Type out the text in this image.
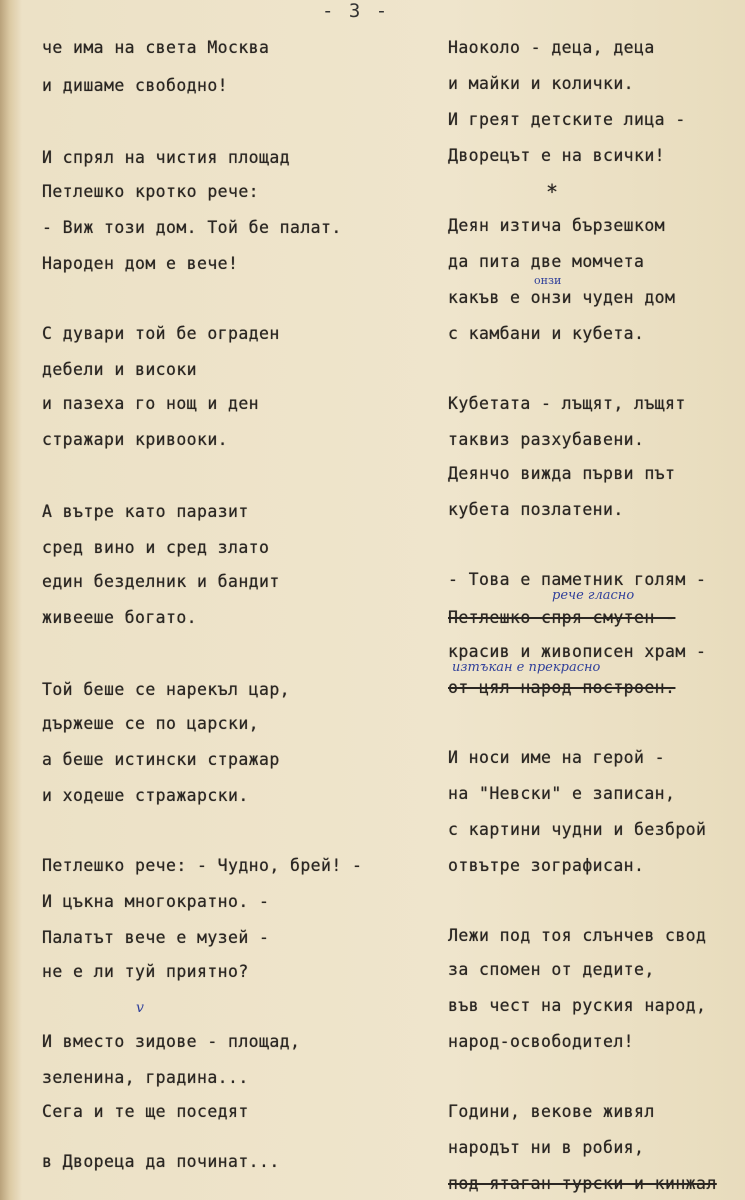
- 3 -
че има на света Москва
и дишаме свободно!
И спрял на чистия площад
Петлешко кротко рече:
- Виж този дом. Той бе палат.
Народен дом е вече!
С дувари той бе ограден
дебели и високи
и пазеха го нощ и ден
стражари кривооки.
А вътре като паразит
сред вино и сред злато
един безделник и бандит
живееше богато.
Той беше се нарекъл цар,
държеше се по царски,
а беше истински стражар
и ходеше стражарски.
Петлешко рече: - Чудно, брей! -
И цъкна многократно. -
Палатът вече е музей -
не е ли туй приятно?
И вместо зидове - площад,
зеленина, градина...
Сега и те ще поседят
в Двореца да починат...
v
Наоколо - деца, деца
и майки и колички.
И греят детските лица -
Дворецът е на всички!
*
Деян изтича бързешком
да пита две момчета
какъв е онзи чуден дом
с камбани и кубета.
Кубетата - лъщят, лъщят
таквиз разхубавени.
Деянчо вижда първи път
кубета позлатени.
- Това е паметник голям -
Петлешко спря смутен -
красив и живописен храм -
от цял народ построен.
И носи име на герой -
на "Невски" е записан,
с картини чудни и безброй
отвътре зографисан.
Лежи под тоя слънчев свод
за спомен от дедите,
във чест на руския народ,
народ-освободител!
Години, векове живял
народът ни в робия,
под ятаган турски и кинжал
рече гласно
изтъкан е прекрасно
онзи
